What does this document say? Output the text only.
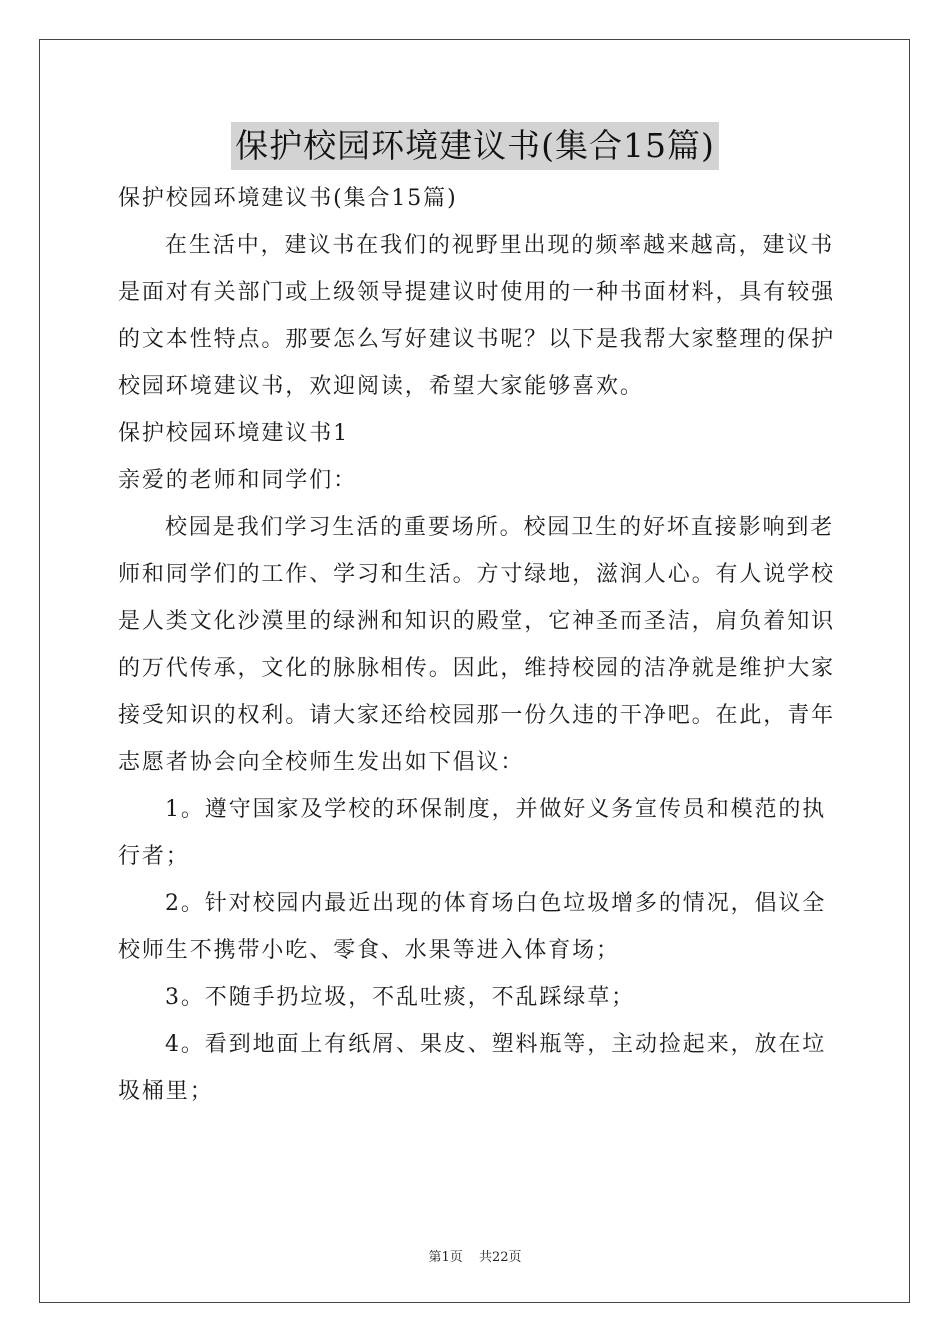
保护校园环境建议书(集合15篇)

保护校园环境建议书(集合15篇)

在生活中，建议书在我们的视野里出现的频率越来越高，建议书

是面对有关部门或上级领导提建议时使用的一种书面材料，具有较强

的文本性特点。那要怎么写好建议书呢？以下是我帮大家整理的保护

校园环境建议书，欢迎阅读，希望大家能够喜欢。

保护校园环境建议书1

亲爱的老师和同学们：

校园是我们学习生活的重要场所。校园卫生的好坏直接影响到老

师和同学们的工作、学习和生活。方寸绿地，滋润人心。有人说学校

是人类文化沙漠里的绿洲和知识的殿堂，它神圣而圣洁，肩负着知识

的万代传承，文化的脉脉相传。因此，维持校园的洁净就是维护大家

接受知识的权利。请大家还给校园那一份久违的干净吧。在此，青年

志愿者协会向全校师生发出如下倡议：

1。遵守国家及学校的环保制度，并做好义务宣传员和模范的执

行者；

2。针对校园内最近出现的体育场白色垃圾增多的情况，倡议全

校师生不携带小吃、零食、水果等进入体育场；

3。不随手扔垃圾，不乱吐痰，不乱踩绿草；

4。看到地面上有纸屑、果皮、塑料瓶等，主动捡起来，放在垃

圾桶里；

第1页 共22页
